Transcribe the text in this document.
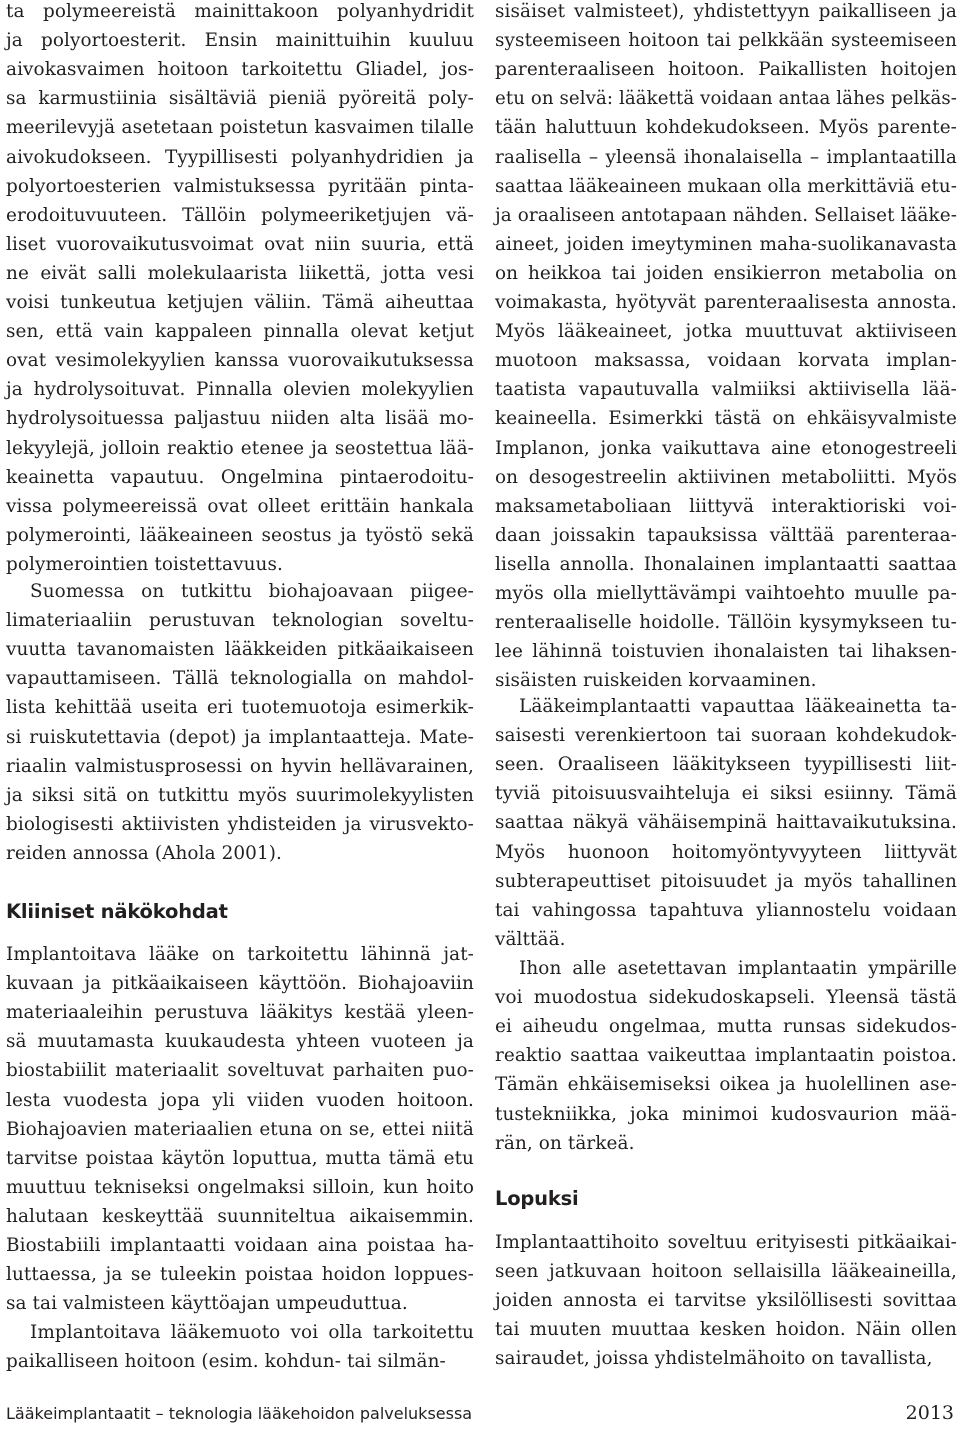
ta polymeereistä mainittakoon polyanhydridit
ja polyortoesterit. Ensin mainittuihin kuuluu
aivokasvaimen hoitoon tarkoitettu Gliadel, jos-
sa karmustiinia sisältäviä pieniä pyöreitä poly-
meerilevyjä asetetaan poistetun kasvaimen tilalle
aivokudokseen. Tyypillisesti polyanhydridien ja
polyortoesterien valmistuksessa pyritään pinta-
erodoituvuuteen. Tällöin polymeeriketjujen vä-
liset vuorovaikutusvoimat ovat niin suuria, että
ne eivät salli molekulaarista liikettä, jotta vesi
voisi tunkeutua ketjujen väliin. Tämä aiheuttaa
sen, että vain kappaleen pinnalla olevat ketjut
ovat vesimolekyylien kanssa vuorovaikutuksessa
ja hydrolysoituvat. Pinnalla olevien molekyylien
hydrolysoituessa paljastuu niiden alta lisää mo-
lekyylejä, jolloin reaktio etenee ja seostettua lää-
keainetta vapautuu. Ongelmina pintaerodoitu-
vissa polymeereissä ovat olleet erittäin hankala
polymerointi, lääkeaineen seostus ja työstö sekä
polymerointien toistettavuus.
Suomessa on tutkittu biohajoavaan piigee-
limateriaaliin perustuvan teknologian soveltu-
vuutta tavanomaisten lääkkeiden pitkäaikaiseen
vapauttamiseen. Tällä teknologialla on mahdol-
lista kehittää useita eri tuotemuotoja esimerkik-
si ruiskutettavia (depot) ja implantaatteja. Mate-
riaalin valmistusprosessi on hyvin hellävarainen,
ja siksi sitä on tutkittu myös suurimolekyylisten
biologisesti aktiivisten yhdisteiden ja virusvekto-
reiden annossa (Ahola 2001).
Kliiniset näkökohdat
Implantoitava lääke on tarkoitettu lähinnä jat-
kuvaan ja pitkäaikaiseen käyttöön. Biohajoaviin
materiaaleihin perustuva lääkitys kestää yleen-
sä muutamasta kuukaudesta yhteen vuoteen ja
biostabiilit materiaalit soveltuvat parhaiten puo-
lesta vuodesta jopa yli viiden vuoden hoitoon.
Biohajoavien materiaalien etuna on se, ettei niitä
tarvitse poistaa käytön loputtua, mutta tämä etu
muuttuu tekniseksi ongelmaksi silloin, kun hoito
halutaan keskeyttää suunniteltua aikaisemmin.
Biostabiili implantaatti voidaan aina poistaa ha-
luttaessa, ja se tuleekin poistaa hoidon loppues-
sa tai valmisteen käyttöajan umpeuduttua.
Implantoitava lääkemuoto voi olla tarkoitettu
paikalliseen hoitoon (esim. kohdun- tai silmän-
sisäiset valmisteet), yhdistettyyn paikalliseen ja
systeemiseen hoitoon tai pelkkään systeemiseen
parenteraaliseen hoitoon. Paikallisten hoitojen
etu on selvä: lääkettä voidaan antaa lähes pelkäs-
tään haluttuun kohdekudokseen. Myös parente-
raalisella – yleensä ihonalaisella – implantaatilla
saattaa lääkeaineen mukaan olla merkittäviä etu-
ja oraaliseen antotapaan nähden. Sellaiset lääke-
aineet, joiden imeytyminen maha-suolikanavasta
on heikkoa tai joiden ensikierron metabolia on
voimakasta, hyötyvät parenteraalisesta annosta.
Myös lääkeaineet, jotka muuttuvat aktiiviseen
muotoon maksassa, voidaan korvata implan-
taatista vapautuvalla valmiiksi aktiivisella lää-
keaineella. Esimerkki tästä on ehkäisyvalmiste
Implanon, jonka vaikuttava aine etonogestreeli
on desogestreelin aktiivinen metaboliitti. Myös
maksametaboliaan liittyvä interaktioriski voi-
daan joissakin tapauksissa välttää parenteraa-
lisella annolla. Ihonalainen implantaatti saattaa
myös olla miellyttävämpi vaihtoehto muulle pa-
renteraaliselle hoidolle. Tällöin kysymykseen tu-
lee lähinnä toistuvien ihonalaisten tai lihaksen-
sisäisten ruiskeiden korvaaminen.
Lääkeimplantaatti vapauttaa lääkeainetta ta-
saisesti verenkiertoon tai suoraan kohdekudok-
seen. Oraaliseen lääkitykseen tyypillisesti liit-
tyviä pitoisuusvaihteluja ei siksi esiinny. Tämä
saattaa näkyä vähäisempinä haittavaikutuksina.
Myös huonoon hoitomyöntyvyyteen liittyvät
subterapeuttiset pitoisuudet ja myös tahallinen
tai vahingossa tapahtuva yliannostelu voidaan
välttää.
Ihon alle asetettavan implantaatin ympärille
voi muodostua sidekudoskapseli. Yleensä tästä
ei aiheudu ongelmaa, mutta runsas sidekudos-
reaktio saattaa vaikeuttaa implantaatin poistoa.
Tämän ehkäisemiseksi oikea ja huolellinen ase-
tustekniikka, joka minimoi kudosvaurion mää-
rän, on tärkeä.
Lopuksi
Implantaattihoito soveltuu erityisesti pitkäaikai-
seen jatkuvaan hoitoon sellaisilla lääkeaineilla,
joiden annosta ei tarvitse yksilöllisesti sovittaa
tai muuten muuttaa kesken hoidon. Näin ollen
sairaudet, joissa yhdistelmähoito on tavallista,
Lääkeimplantaatit – teknologia lääkehoidon palveluksessa	2013
